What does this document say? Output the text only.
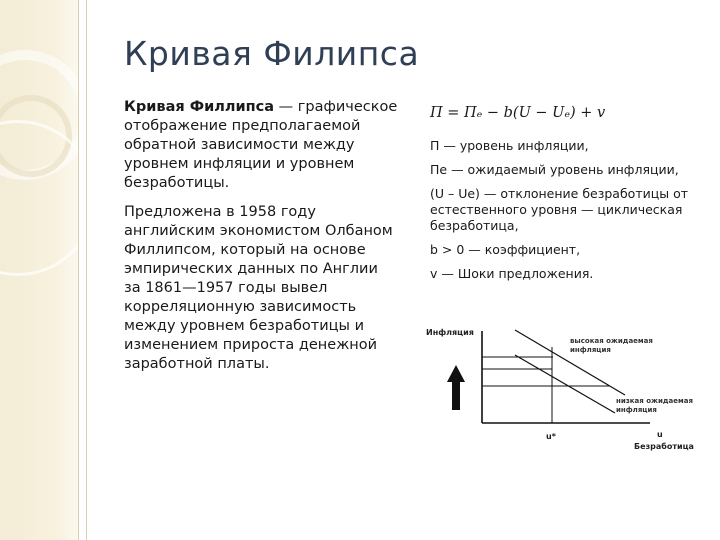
Кривая Филипса

Кривая Филлипса — графическое отображение предполагаемой обратной зависимости между уровнем инфляции и уровнем безработицы.

Предложена в 1958 году английским экономистом Олбаном Филлипсом, который на основе эмпирических данных по Англии за 1861—1957 годы вывел корреляционную зависимость между уровнем безработицы и изменением прироста денежной заработной платы.

Π = Πₑ − b(U − Uₑ) + v
П — уровень инфляции,
Пе — ожидаемый уровень инфляции,
(U – Ue) — отклонение безработицы от естественного уровня — циклическая безработица,
b > 0 — коэффициент,
v — Шоки предложения.
Инфляция
высокая ожидаемая
инфляция
низкая ожидаемая
инфляция
u*	u
Безработица
